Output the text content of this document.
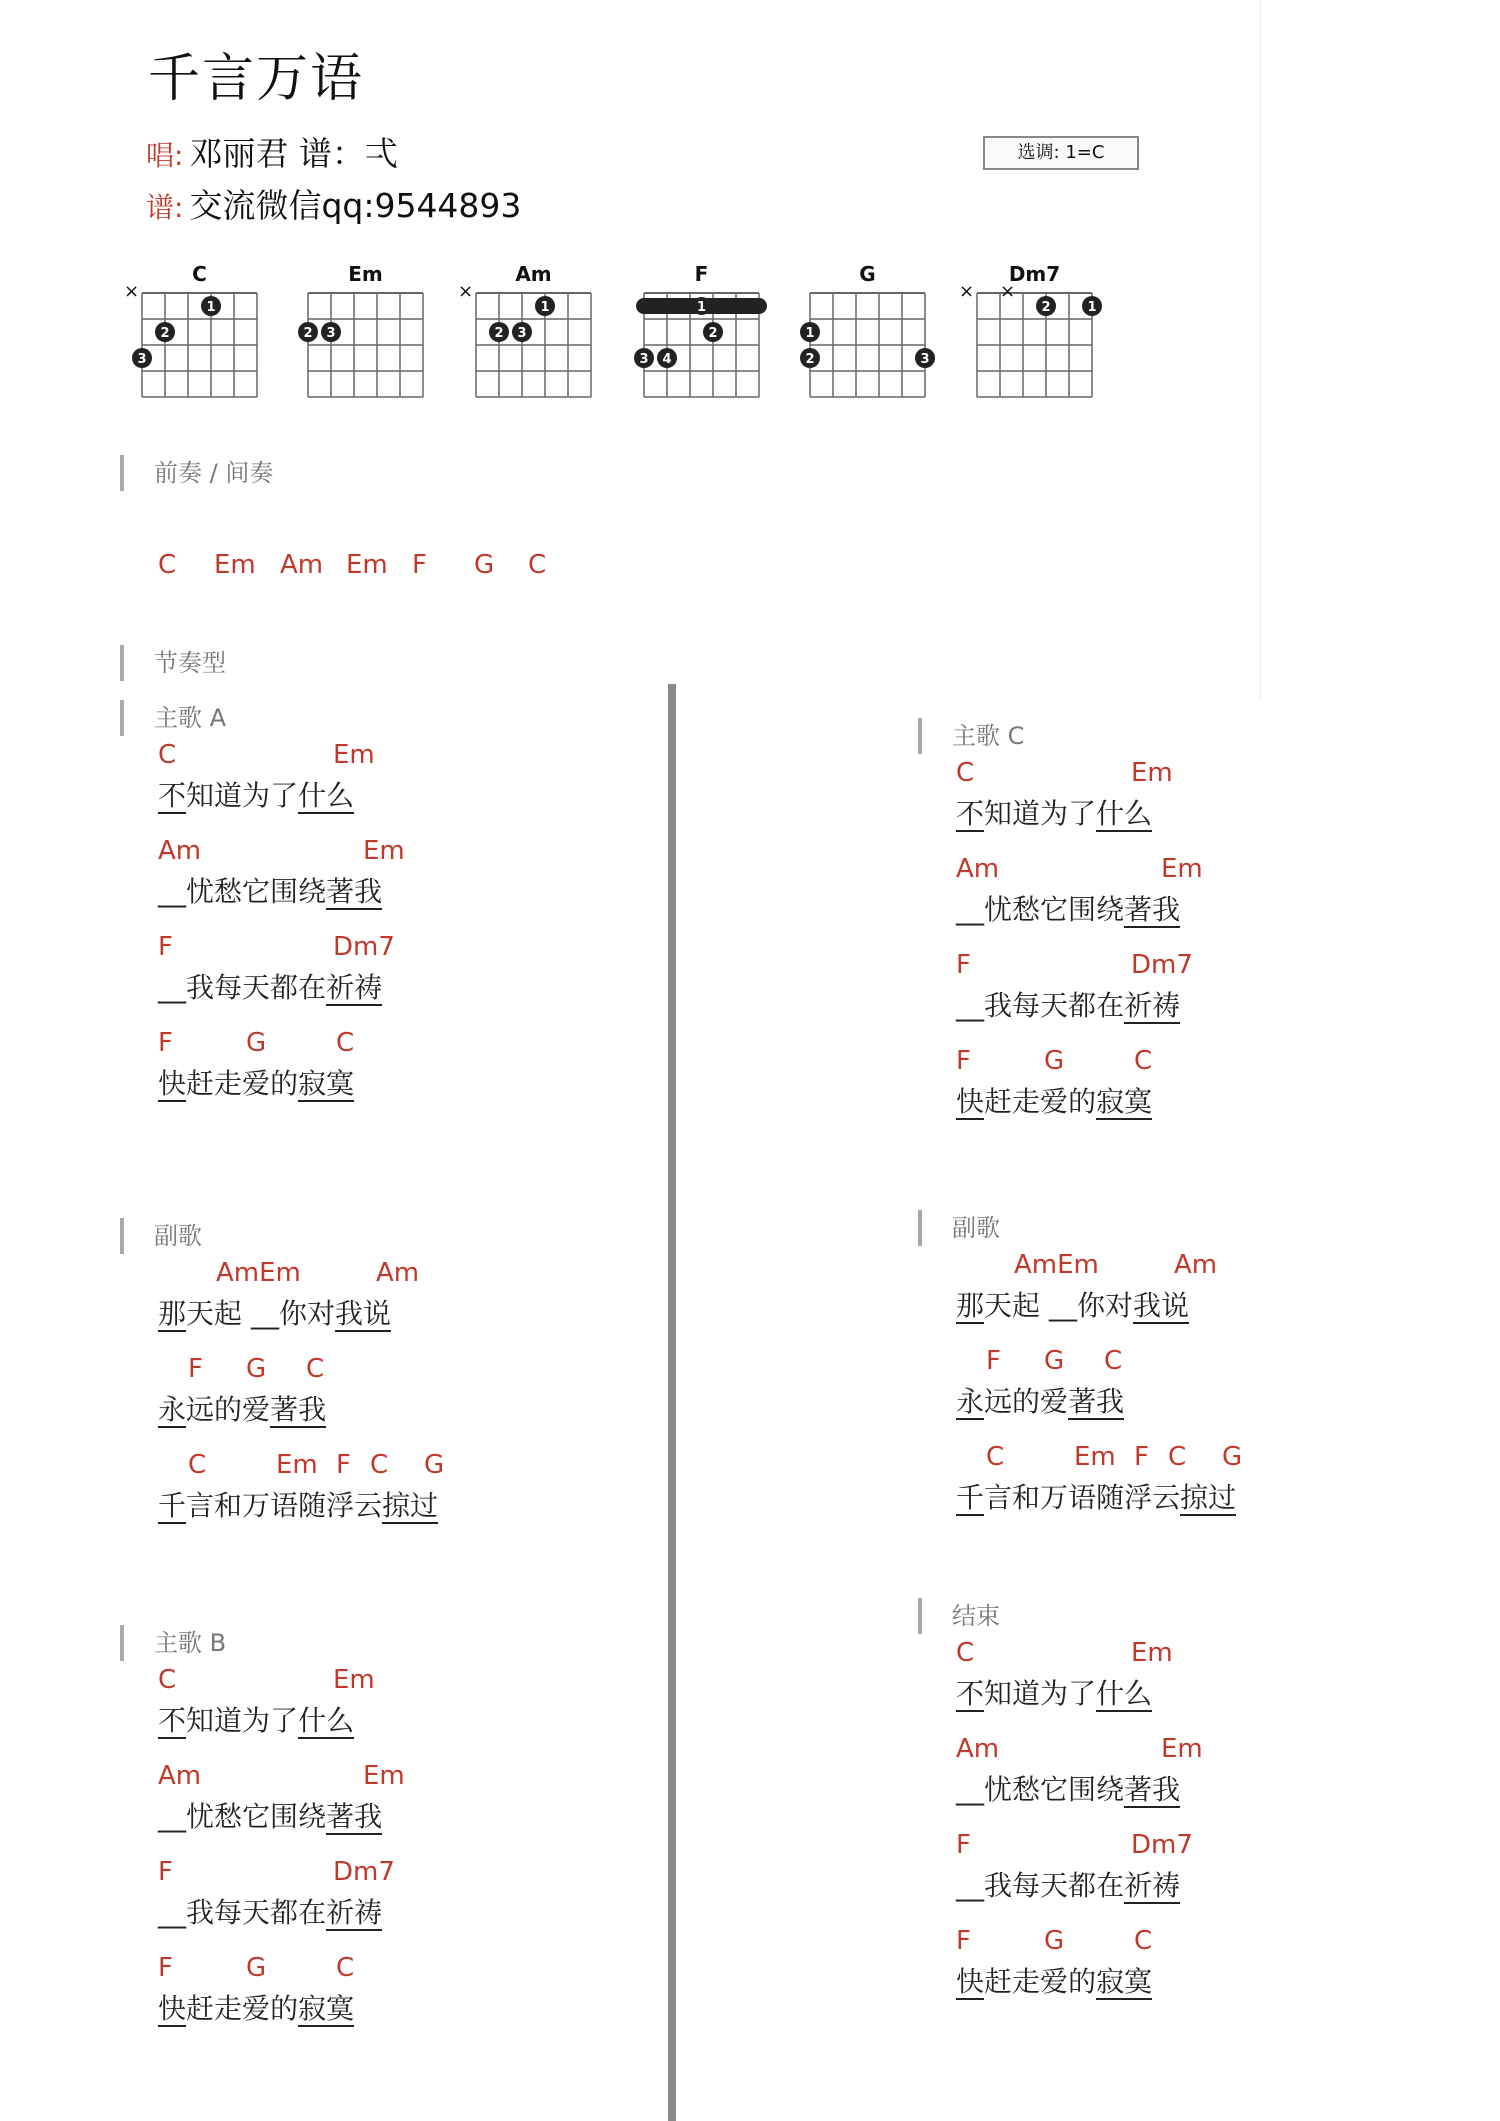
千言万语
唱: 邓丽君 谱：弌
谱: 交流微信qq:9544893
选调: 1=C
C
×
1
2
3
Em
2 3
Am
×
1
2 3
F
2
3 4
1
G
1
2	3
Dm7
× ×
2	1
前奏 / 间奏
C Em Am Em F G C
节奏型
主歌 A
C	Em
不知道为了什么
Am	Em
__忧愁它围绕著我
F	Dm7
__我每天都在祈祷
F	G	C
快赶走爱的寂寞
副歌
AmEm	Am
那天起 __你对我说
F G C
永远的爱著我
C	Em F C G
千言和万语随浮云掠过
主歌 B
C	Em
不知道为了什么
Am	Em
__忧愁它围绕著我
F	Dm7
__我每天都在祈祷
F	G	C
快赶走爱的寂寞
主歌 C
C	Em
不知道为了什么
Am	Em
__忧愁它围绕著我
F	Dm7
__我每天都在祈祷
F	G	C
快赶走爱的寂寞
副歌
AmEm	Am
那天起 __你对我说
F G C
永远的爱著我
C	Em F C G
千言和万语随浮云掠过
结束
C	Em
不知道为了什么
Am	Em
__忧愁它围绕著我
F	Dm7
__我每天都在祈祷
F	G	C
快赶走爱的寂寞
